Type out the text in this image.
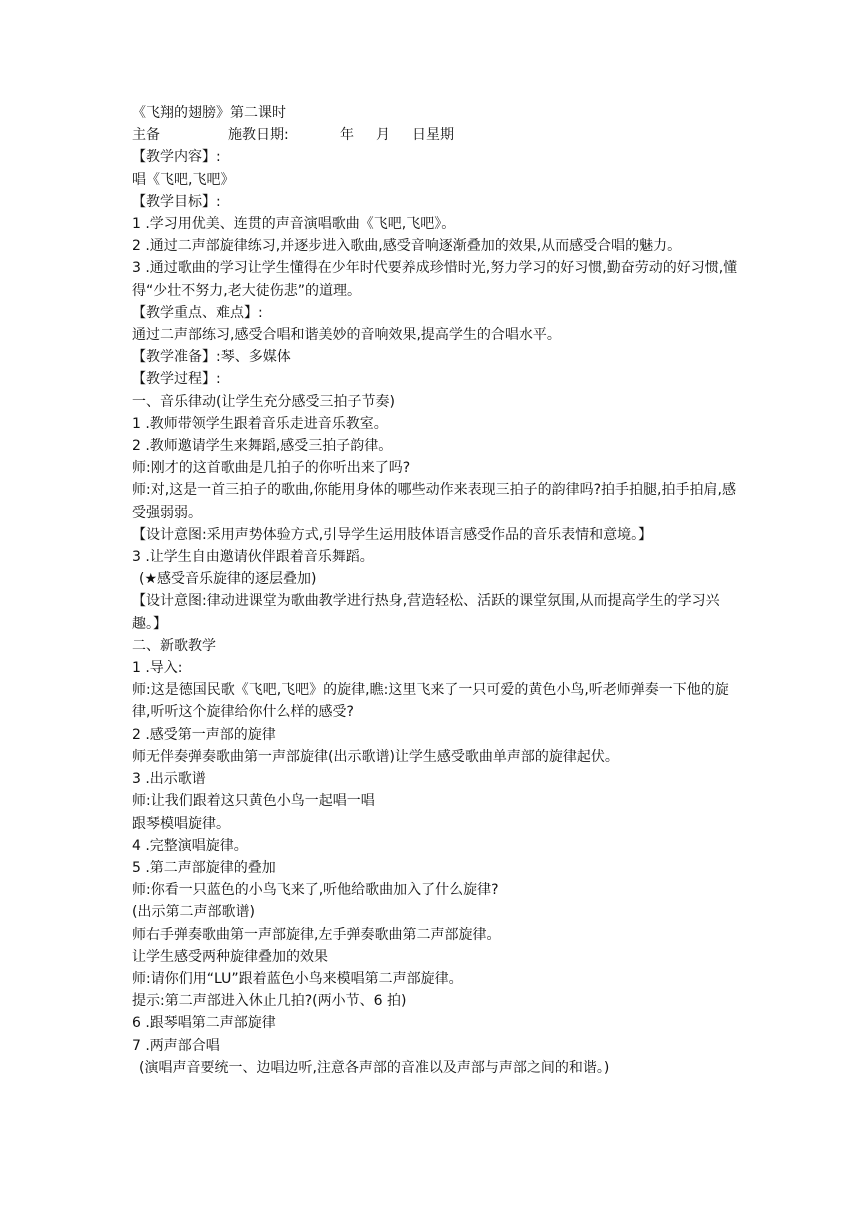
《飞翔的翅膀》第二课时
主备	施教日期:	年 月 日星期
【教学内容】:
唱《飞吧,飞吧》
【教学目标】:
1 .学习用优美、连贯的声音演唱歌曲《飞吧,飞吧》。
2 .通过二声部旋律练习,并逐步进入歌曲,感受音响逐渐叠加的效果,从而感受合唱的魅力。
3 .通过歌曲的学习让学生懂得在少年时代要养成珍惜时光,努力学习的好习惯,勤奋劳动的好习惯,懂得“少壮不努力,老大徒伤悲”的道理。
【教学重点、难点】:
通过二声部练习,感受合唱和谐美妙的音响效果,提高学生的合唱水平。
【教学准备】:琴、多媒体
【教学过程】:
一、音乐律动(让学生充分感受三拍子节奏)
1 .教师带领学生跟着音乐走进音乐教室。
2 .教师邀请学生来舞蹈,感受三拍子韵律。
师:刚才的这首歌曲是几拍子的你听出来了吗?
师:对,这是一首三拍子的歌曲,你能用身体的哪些动作来表现三拍子的韵律吗?拍手拍腿,拍手拍肩,感受强弱弱。
【设计意图:采用声势体验方式,引导学生运用肢体语言感受作品的音乐表情和意境。】
3 .让学生自由邀请伙伴跟着音乐舞蹈。
(★感受音乐旋律的逐层叠加)
【设计意图:律动进课堂为歌曲教学进行热身,营造轻松、活跃的课堂氛围,从而提高学生的学习兴趣。】
二、新歌教学
1 .导入:
师:这是德国民歌《飞吧,飞吧》的旋律,瞧:这里飞来了一只可爱的黄色小鸟,听老师弹奏一下他的旋律,听听这个旋律给你什么样的感受?
2 .感受第一声部的旋律
师无伴奏弹奏歌曲第一声部旋律(出示歌谱)让学生感受歌曲单声部的旋律起伏。
3 .出示歌谱
师:让我们跟着这只黄色小鸟一起唱一唱
跟琴模唱旋律。
4 .完整演唱旋律。
5 .第二声部旋律的叠加
师:你看一只蓝色的小鸟飞来了,听他给歌曲加入了什么旋律?
(出示第二声部歌谱)
师右手弹奏歌曲第一声部旋律,左手弹奏歌曲第二声部旋律。
让学生感受两种旋律叠加的效果
师:请你们用“LU”跟着蓝色小鸟来模唱第二声部旋律。
提示:第二声部进入休止几拍?(两小节、6 拍)
6 .跟琴唱第二声部旋律
7 .两声部合唱
(演唱声音要统一、边唱边听,注意各声部的音准以及声部与声部之间的和谐。)
